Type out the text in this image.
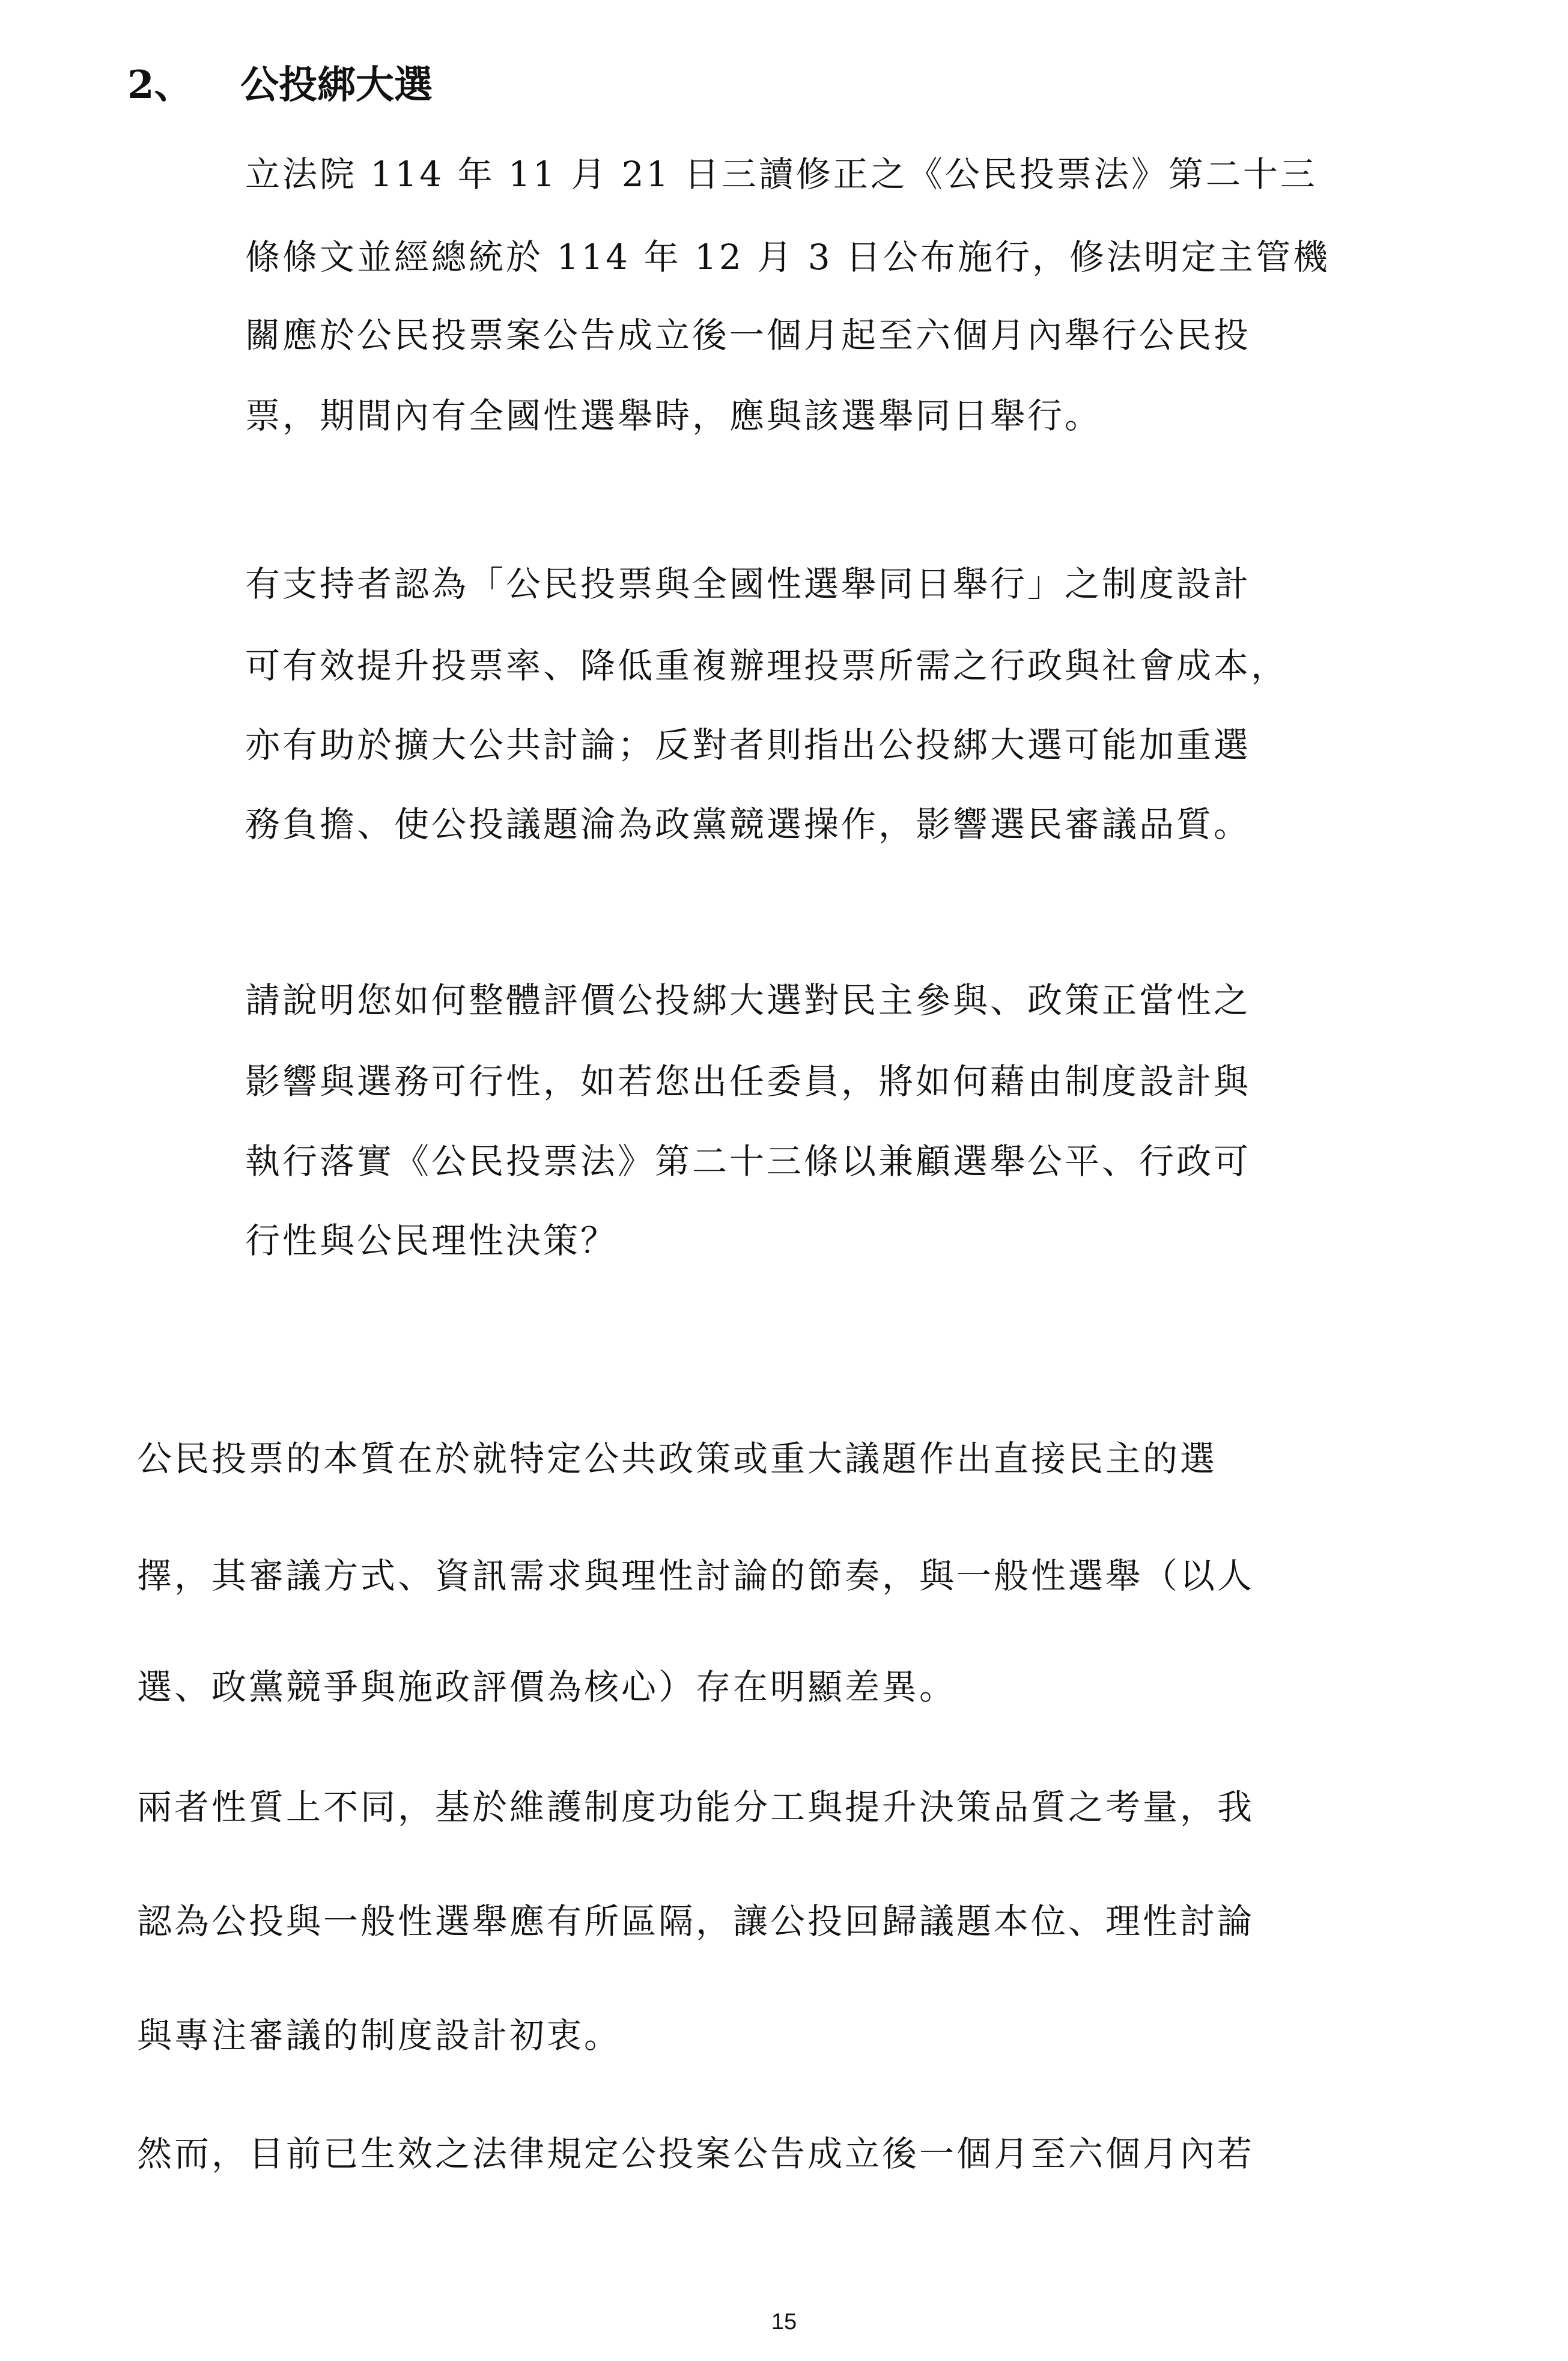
2、 公投綁大選
立法院 114 年 11 月 21 日三讀修正之《公民投票法》第二十三
條條文並經總統於 114 年 12 月 3 日公布施行，修法明定主管機
關應於公民投票案公告成立後一個月起至六個月內舉行公民投
票，期間內有全國性選舉時，應與該選舉同日舉行。
有支持者認為「公民投票與全國性選舉同日舉行」之制度設計
可有效提升投票率、降低重複辦理投票所需之行政與社會成本，
亦有助於擴大公共討論；反對者則指出公投綁大選可能加重選
務負擔、使公投議題淪為政黨競選操作，影響選民審議品質。
請說明您如何整體評價公投綁大選對民主參與、政策正當性之
影響與選務可行性，如若您出任委員，將如何藉由制度設計與
執行落實《公民投票法》第二十三條以兼顧選舉公平、行政可
行性與公民理性決策？
公民投票的本質在於就特定公共政策或重大議題作出直接民主的選
擇，其審議方式、資訊需求與理性討論的節奏，與一般性選舉（以人
選、政黨競爭與施政評價為核心）存在明顯差異。
兩者性質上不同，基於維護制度功能分工與提升決策品質之考量，我
認為公投與一般性選舉應有所區隔，讓公投回歸議題本位、理性討論
與專注審議的制度設計初衷。
然而，目前已生效之法律規定公投案公告成立後一個月至六個月內若
15
